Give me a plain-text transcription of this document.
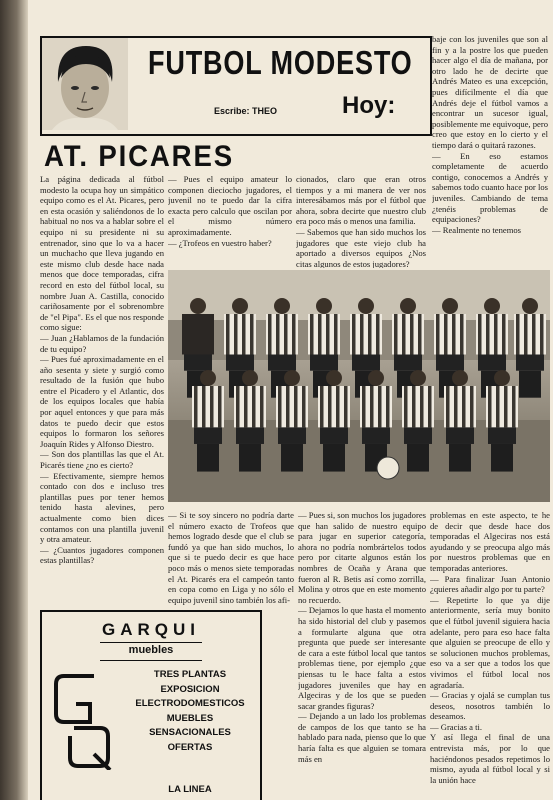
baje con los juveniles que son al fin y a la postre los que pueden hacer algo el día de mañana, por otro lado he de decirte que Andrés Mateo es una excepción, pues difícilmente el día que Andrés deje el fútbol vamos a encontrar un sucesor igual, posiblemente me equivoque, pero creo que estoy en lo cierto y el tiempo dará o quitará razones.
— En eso estamos completamente de acuerdo contigo, conocemos a Andrés y sabemos todo cuanto hace por los juveniles. Cambiando de tema ¿tenéis problemas de equipaciones?
— Realmente no tenemos
FUTBOL MODESTO
Escribe: THEO	Hoy:
AT. PICARES
La página dedicada al fútbol modesto la ocupa hoy un simpático equipo como es el At. Picares, pero en esta ocasión y saliéndonos de lo habitual no nos va a hablar sobre el equipo ni su presidente ni su entrenador, sino que lo va a hacer un muchacho que lleva jugando en este mismo club desde hace nada menos que doce temporadas, cifra record en esto del fútbol local, su nombre Juan A. Castilla, conocido cariñosamente por el sobrenombre de "el Pipa". Es el que nos responde como sigue:
— Juan ¿Hablamos de la fundación de tu equipo?
— Pues fué aproximadamente en el año sesenta y siete y surgió como resultado de la fusión que hubo entre el Picadero y el Atlantic, dos de los equipos locales que había por aquel entonces y que para más datos te puedo decir que estos equipos lo formaron los señores Joaquín Rides y Alfonso Diestro.
— Son dos plantillas las que el At. Picarés tiene ¿no es cierto?
— Efectivamente, siempre hemos contado con dos e incluso tres plantillas pues por tener hemos tenido hasta alevines, pero actualmente como bien dices contamos con una plantilla juvenil y otra amateur.
— ¿Cuantos jugadores componen estas plantillas?
— Pues el equipo amateur lo componen dieciocho jugadores, el juvenil no te puedo dar la cifra exacta pero calculo que oscilan por el mismo número aproximadamente.
— ¿Trofeos en vuestro haber?
cionados, claro que eran otros tiempos y a mi manera de ver nos interesábamos más por el fútbol que ahora, sobra decirte que nuestro club era poco más o menos una familia.
— Sabemos que han sido muchos los jugadores que este viejo club ha aportado a diversos equipos ¿Nos citas algunos de estos jugadores?
— Si te soy sincero no podría darte el número exacto de Trofeos que hemos logrado desde que el club se fundó ya que han sido muchos, lo que si te puedo decir es que hace poco más o menos siete temporadas el At. Picarés era el campeón tanto en copa como en Liga y no sólo el equipo juvenil sino también los afi-
— Pues si, son muchos los jugadores que han salido de nuestro equipo para jugar en superior categoría, ahora no podría nombrártelos todos pero por citarte algunos están los nombres de Ocaña y Arana que fueron al R. Betis así como zorrilla, Molina y otros que en este momento no recuerdo.
— Dejamos lo que hasta el momento ha sido historial del club y pasemos a formularte alguna que otra pregunta que puede ser interesante de cara a este fútbol local que tantos problemas tiene, por ejemplo ¿que piensas tu le hace falta a estos jugadores juveniles que hay en Algeciras y de los que se pueden sacar grandes figuras?
— Dejando a un lado los problemas de campos de los que tanto se ha hablado para nada, pienso que lo que haría falta es que alguien se tomara más en
problemas en este aspecto, te he de decir que desde hace dos temporadas el Algeciras nos está ayudando y se preocupa algo más por nuestros problemas que en temporadas anteriores.
— Para finalizar Juan Antonio ¿quieres añadir algo por tu parte?
— Repetirte lo que ya dije anteriormente, sería muy bonito que el fútbol juvenil siguiera hacia adelante, pero para eso hace falta que alguien se preocupe de ello y se solucionen muchos problemas, eso va a ser que a todos los que vivimos el fútbol local nos agradaría.
— Gracias y ojalá se cumplan tus deseos, nosotros también lo deseamos.
— Gracias a ti.
Y así llega el final de una entrevista más, por lo que haciéndonos pesados repetimos lo mismo, ayuda al fútbol local y si la unión hace
GARQUI
muebles
TRES PLANTAS
EXPOSICION
ELECTRODOMESTICOS
MUEBLES
SENSACIONALES
OFERTAS
LA LINEA
